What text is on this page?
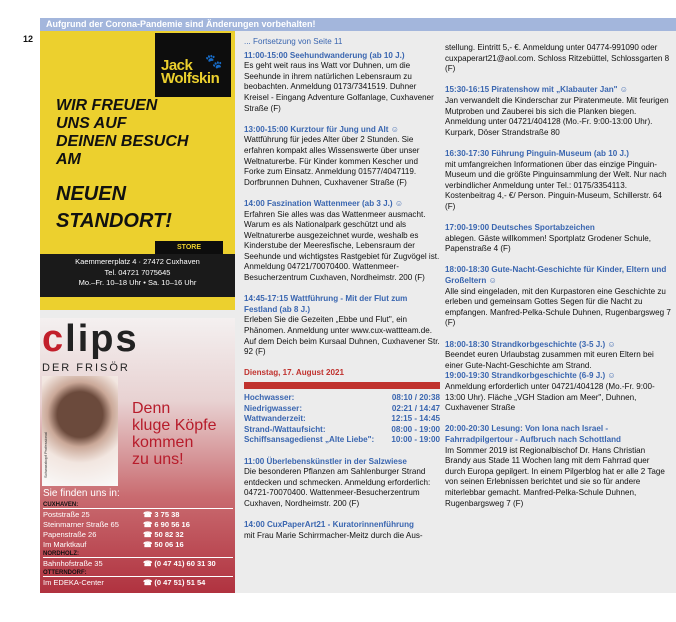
Aufgrund der Corona-Pandemie sind Änderungen vorbehalten!
12
Jack
Wolfskin
🐾
WIR FREUEN
UNS AUF
DEINEN BESUCH
AM
NEUEN
STANDORT!
STORE
Kaemmererplatz 4 · 27472 Cuxhaven
Tel. 04721 7075645
Mo.–Fr. 10–18 Uhr • Sa. 10–16 Uhr
clips
DER FRISÖR
Schwarzkopf Professional
Denn
kluge Köpfe
kommen
zu uns!
Sie finden uns in:
CUXHAVEN:
Poststraße 25	☎ 3 75 38
Steinmarner Straße 65	☎ 6 90 56 16
Papenstraße 26	☎ 50 82 32
Im Marktkauf	☎ 50 06 16
NORDHOLZ:
Bahnhofstraße 35	☎ (0 47 41) 60 31 30
OTTERNDORF:
Im EDEKA-Center	☎ (0 47 51) 51 54
... Fortsetzung von Seite 11
11:00-15:00 Seehundwanderung (ab 10 J.)
Es geht weit raus ins Watt vor Duhnen, um die Seehunde in ihrem natürlichen Lebensraum zu beobachten. Anmeldung 0173/7341519. Duhner Kreisel - Eingang Adventure Golfanlage, Cuxhavener Straße (F)
13:00-15:00 Kurztour für Jung und Alt ☺
Wattführung für jedes Alter über 2 Stunden. Sie erfahren kompakt alles Wissenswerte über unser Weltnaturerbe. Für Kinder kommen Kescher und Forke zum Einsatz. Anmeldung 01577/4047119. Dorfbrunnen Duhnen, Cuxhavener Straße (F)
14:00 Faszination Wattenmeer (ab 3 J.) ☺
Erfahren Sie alles was das Wattenmeer ausmacht. Warum es als Nationalpark geschützt und als Weltnaturerbe ausgezeichnet wurde, weshalb es Kinderstube der Meeresfische, Lebensraum der Seehunde und wichtigstes Rastgebiet für Zugvögel ist. Anmeldung 04721/70070400. Wattenmeer-Besucherzentrum Cuxhaven, Nordheimstr. 200 (F)
14:45-17:15 Wattführung - Mit der Flut zum Festland (ab 8 J.)
Erleben Sie die Gezeiten „Ebbe und Flut", ein Phänomen. Anmeldung unter www.cux-wattteam.de. Auf dem Deich beim Kursaal Duhnen, Cuxhavener Str. 92 (F)
Dienstag, 17. August 2021
Hochwasser:	08:10 / 20:38
Niedrigwasser:	02:21 / 14:47
Wattwanderzeit:	12:15 - 14:45
Strand-/Wattaufsicht:	08:00 - 19:00
Schiffsansagedienst „Alte Liebe": 10:00 - 19:00
11:00 Überlebenskünstler in der Salzwiese
Die besonderen Pflanzen am Sahlenburger Strand entdecken und schmecken. Anmeldung erforderlich: 04721-70070400. Wattenmeer-Besucherzentrum Cuxhaven, Nordheimstr. 200 (F)
14:00 CuxPaperArt21 - Kuratorinnenführung
mit Frau Marie Schirrmacher-Meitz durch die Aus-
stellung. Eintritt 5,- €. Anmeldung unter 04774-991090 oder cuxpaperart21@aol.com. Schloss Ritzebüttel, Schlossgarten 8 (F)
15:30-16:15 Piratenshow mit „Klabauter Jan" ☺
Jan verwandelt die Kinderschar zur Piratenmeute. Mit feurigen Mutproben und Zauberei bis sich die Planken biegen. Anmeldung unter 04721/404128 (Mo.-Fr. 9:00-13:00 Uhr). Kurpark, Döser Strandstraße 80
16:30-17:30 Führung Pinguin-Museum (ab 10 J.)
mit umfangreichen Informationen über das einzige Pinguin-Museum und die größte Pinguinsammlung der Welt. Nur nach verbindlicher Anmeldung unter Tel.: 0175/3354113. Kostenbeitrag 4,- €/ Person. Pinguin-Museum, Schillerstr. 64 (F)
17:00-19:00 Deutsches Sportabzeichen
ablegen. Gäste willkommen! Sportplatz Grodener Schule, Papenstraße 4 (F)
18:00-18:30 Gute-Nacht-Geschichte für Kinder, Eltern und Großeltern ☺
Alle sind eingeladen, mit den Kurpastoren eine Geschichte zu erleben und gemeinsam Gottes Segen für die Nacht zu empfangen. Manfred-Pelka-Schule Duhnen, Rugenbargsweg 7 (F)
18:00-18:30 Strandkorbgeschichte (3-5 J.) ☺
Beendet euren Urlaubstag zusammen mit euren Eltern bei einer Gute-Nacht-Geschichte am Strand.
19:00-19:30 Strandkorbgeschichte (6-9 J.) ☺
Anmeldung erforderlich unter 04721/404128 (Mo.-Fr. 9:00-13:00 Uhr). Fläche „VGH Stadion am Meer", Duhnen, Cuxhavener Straße
20:00-20:30 Lesung: Von Iona nach Israel - Fahrradpilgertour - Aufbruch nach Schottland
Im Sommer 2019 ist Regionalbischof Dr. Hans Christian Brandy aus Stade 11 Wochen lang mit dem Fahrrad quer durch Europa gepilgert. In einem Pilgerblog hat er alle 2 Tage von seinen Erlebnissen berichtet und sie so für andere miterlebbar gemacht. Manfred-Pelka-Schule Duhnen, Rugenbargsweg 7 (F)
